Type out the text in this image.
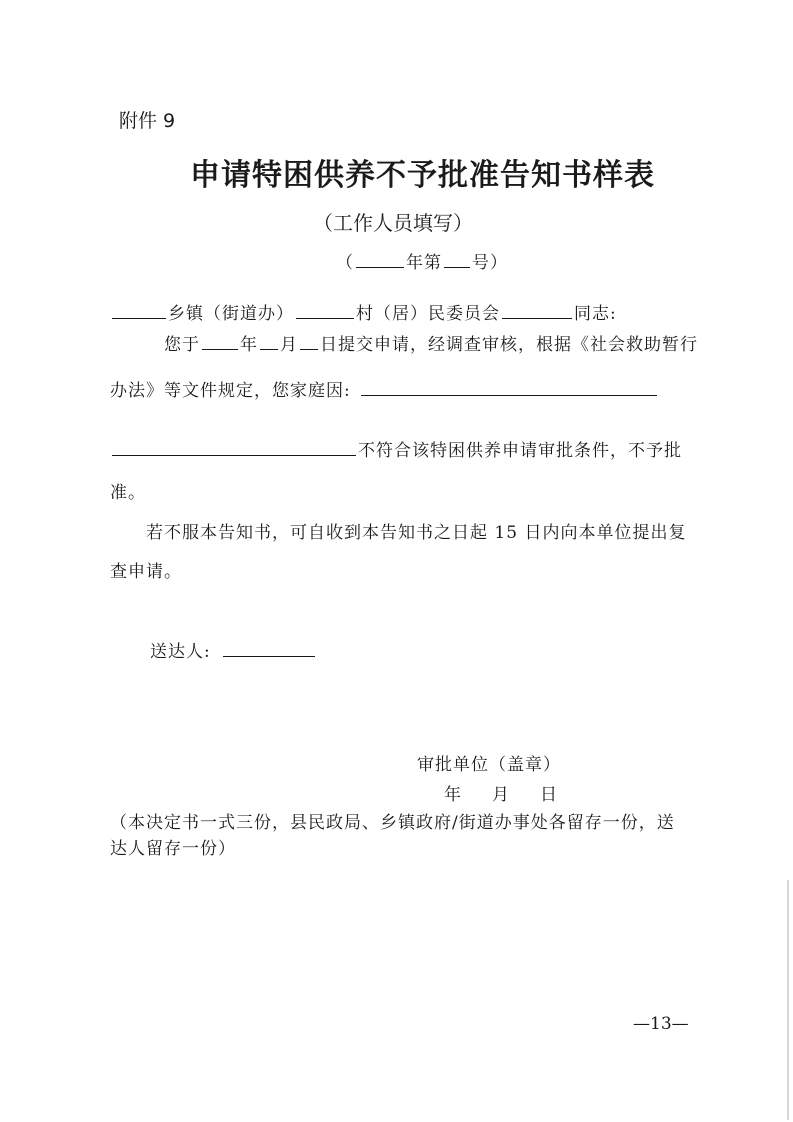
附件 9
申请特困供养不予批准告知书样表
（工作人员填写）
（	年第 号）
乡镇（街道办）	村（居）民委员会	同志:
您于 年 月 日提交申请，经调查审核，根据《社会救助暂行
办法》等文件规定，您家庭因:
不符合该特困供养申请审批条件，不予批
准。
若不服本告知书，可自收到本告知书之日起 15 日内向本单位提出复
查申请。
送达人:
审批单位（盖章）
年 月 日
（本决定书一式三份，县民政局、乡镇政府/街道办事处各留存一份，送
达人留存一份）
—13—
